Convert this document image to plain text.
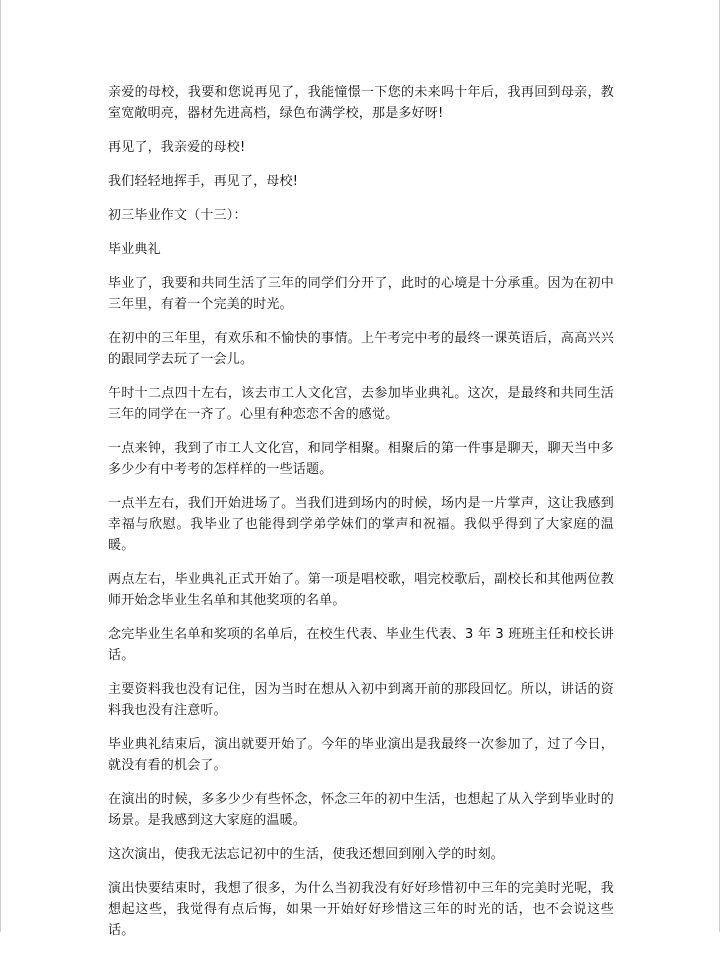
亲爱的母校，我要和您说再见了，我能憧憬一下您的未来吗十年后，我再回到母亲，教室宽敞明亮，器材先进高档，绿色布满学校，那是多好呀!

再见了，我亲爱的母校!

我们轻轻地挥手，再见了，母校!

初三毕业作文（十三）：

毕业典礼

毕业了，我要和共同生活了三年的同学们分开了，此时的心境是十分承重。因为在初中三年里，有着一个完美的时光。

在初中的三年里，有欢乐和不愉快的事情。上午考完中考的最终一课英语后，高高兴兴的跟同学去玩了一会儿。

午时十二点四十左右，该去市工人文化宫，去参加毕业典礼。这次，是最终和共同生活三年的同学在一齐了。心里有种恋恋不舍的感觉。

一点来钟，我到了市工人文化宫，和同学相聚。相聚后的第一件事是聊天，聊天当中多多少少有中考考的怎样样的一些话题。

一点半左右，我们开始进场了。当我们进到场内的时候，场内是一片掌声，这让我感到幸福与欣慰。我毕业了也能得到学弟学妹们的掌声和祝福。我似乎得到了大家庭的温暖。

两点左右，毕业典礼正式开始了。第一项是唱校歌，唱完校歌后，副校长和其他两位教师开始念毕业生名单和其他奖项的名单。

念完毕业生名单和奖项的名单后，在校生代表、毕业生代表、3 年 3 班班主任和校长讲话。

主要资料我也没有记住，因为当时在想从入初中到离开前的那段回忆。所以，讲话的资料我也没有注意听。

毕业典礼结束后，演出就要开始了。今年的毕业演出是我最终一次参加了，过了今日，就没有看的机会了。

在演出的时候，多多少少有些怀念，怀念三年的初中生活，也想起了从入学到毕业时的场景。是我感到这大家庭的温暖。

这次演出，使我无法忘记初中的生活，使我还想回到刚入学的时刻。

演出快要结束时，我想了很多，为什么当初我没有好好珍惜初中三年的完美时光呢，我想起这些，我觉得有点后悔，如果一开始好好珍惜这三年的时光的话，也不会说这些话。
